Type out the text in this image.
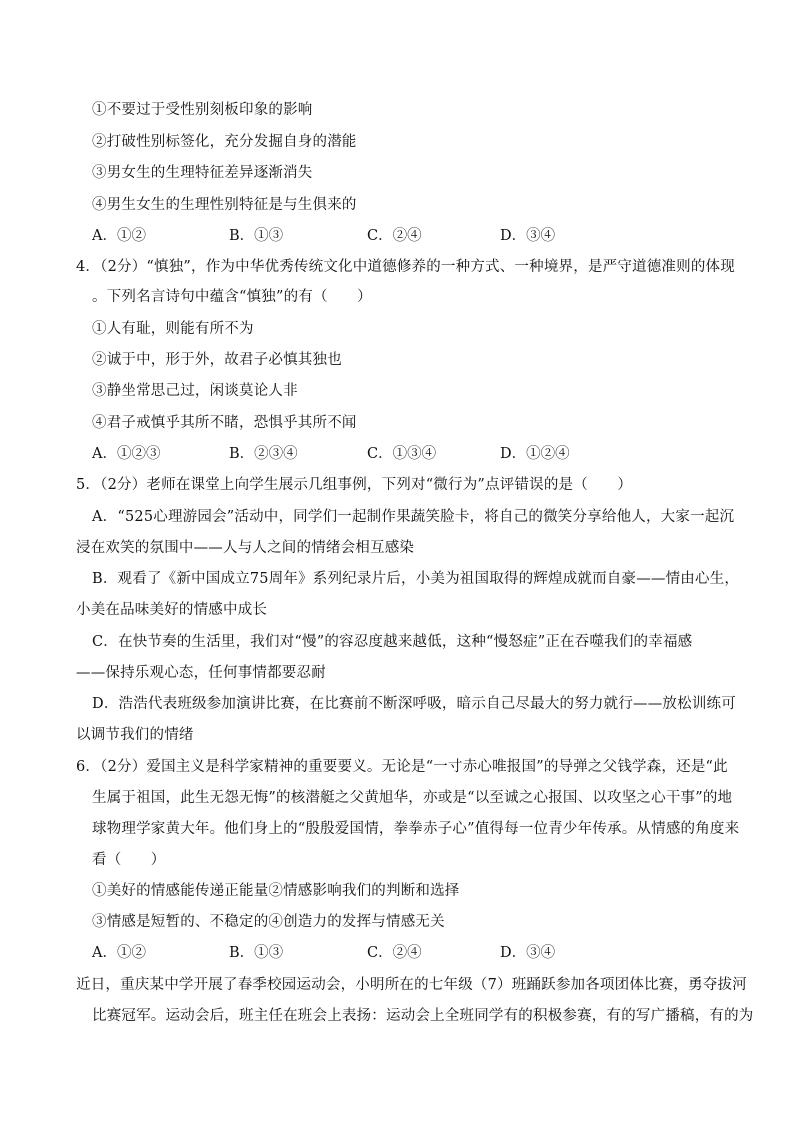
①不要过于受性别刻板印象的影响
②打破性别标签化，充分发掘自身的潜能
③男女生的生理特征差异逐渐消失
④男生女生的生理性别特征是与生俱来的
A．①②	B．①③	C．②④	D．③④
4．（2分）“慎独”，作为中华优秀传统文化中道德修养的一种方式、一种境界，是严守道德准则的体现
。下列名言诗句中蕴含“慎独”的有（　　）
①人有耻，则能有所不为
②诚于中，形于外，故君子必慎其独也
③静坐常思己过，闲谈莫论人非
④君子戒慎乎其所不睹，恐惧乎其所不闻
A．①②③	B．②③④	C．①③④	D．①②④
5．（2分）老师在课堂上向学生展示几组事例，下列对“微行为”点评错误的是（　　）
A．“525心理游园会”活动中，同学们一起制作果蔬笑脸卡，将自己的微笑分享给他人，大家一起沉
浸在欢笑的氛围中——人与人之间的情绪会相互感染
B．观看了《新中国成立75周年》系列纪录片后，小美为祖国取得的辉煌成就而自豪——情由心生，
小美在品味美好的情感中成长
C．在快节奏的生活里，我们对“慢”的容忍度越来越低，这种“慢怒症”正在吞噬我们的幸福感
——保持乐观心态，任何事情都要忍耐
D．浩浩代表班级参加演讲比赛，在比赛前不断深呼吸，暗示自己尽最大的努力就行——放松训练可
以调节我们的情绪
6．（2分）爱国主义是科学家精神的重要要义。无论是“一寸赤心唯报国”的导弹之父钱学森，还是“此
生属于祖国，此生无怨无悔”的核潜艇之父黄旭华，亦或是“以至诚之心报国、以攻坚之心干事”的地
球物理学家黄大年。他们身上的“殷殷爱国情，拳拳赤子心”值得每一位青少年传承。从情感的角度来
看（　　）
①美好的情感能传递正能量②情感影响我们的判断和选择
③情感是短暂的、不稳定的④创造力的发挥与情感无关
A．①②	B．①③	C．②④	D．③④
近日，重庆某中学开展了春季校园运动会，小明所在的七年级（7）班踊跃参加各项团体比赛，勇夺拔河
比赛冠军。运动会后，班主任在班会上表扬：运动会上全班同学有的积极参赛，有的写广播稿，有的为
